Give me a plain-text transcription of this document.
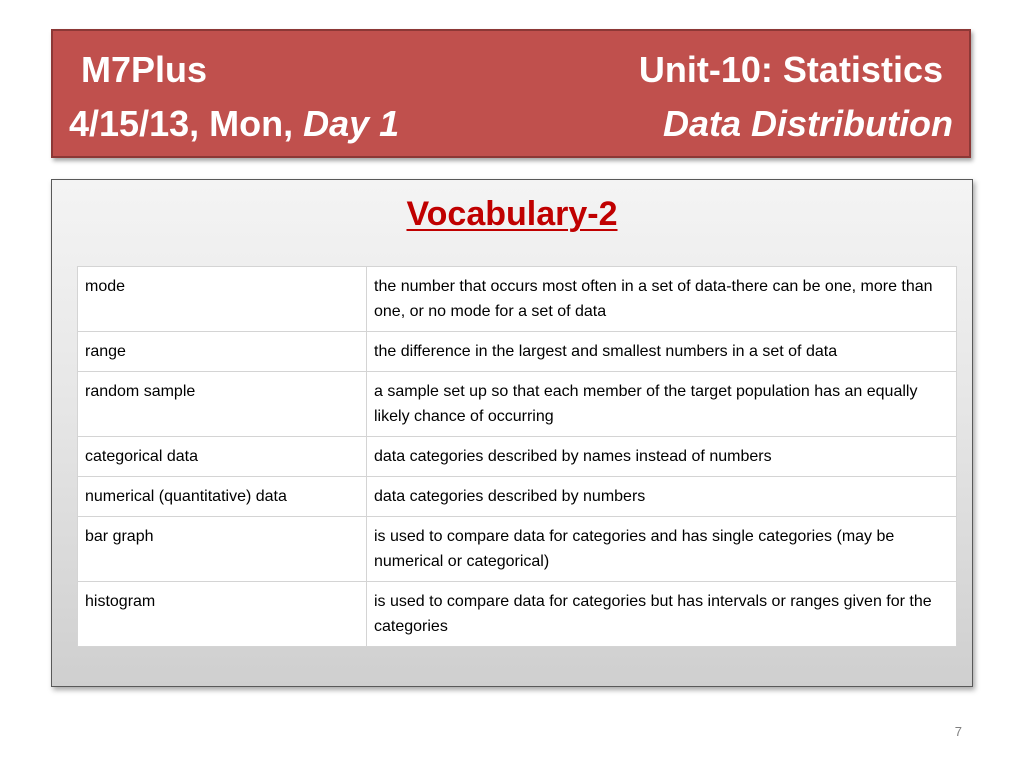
M7Plus
4/15/13, Mon, Day 1
Unit-10: Statistics
Data Distribution
Vocabulary-2
mode	the number that occurs most often in a set of data-there can be one, more than one, or no mode for a set of data
range	the difference in the largest and smallest numbers in a set of data
random sample	a sample set up so that each member of the target population has an equally likely chance of occurring
categorical data	data categories described by names instead of numbers
numerical (quantitative) data	data categories described by numbers
bar graph	is used to compare data for categories and has single categories (may be numerical or categorical)
histogram	is used to compare data for categories but has intervals or ranges given for the categories
7
